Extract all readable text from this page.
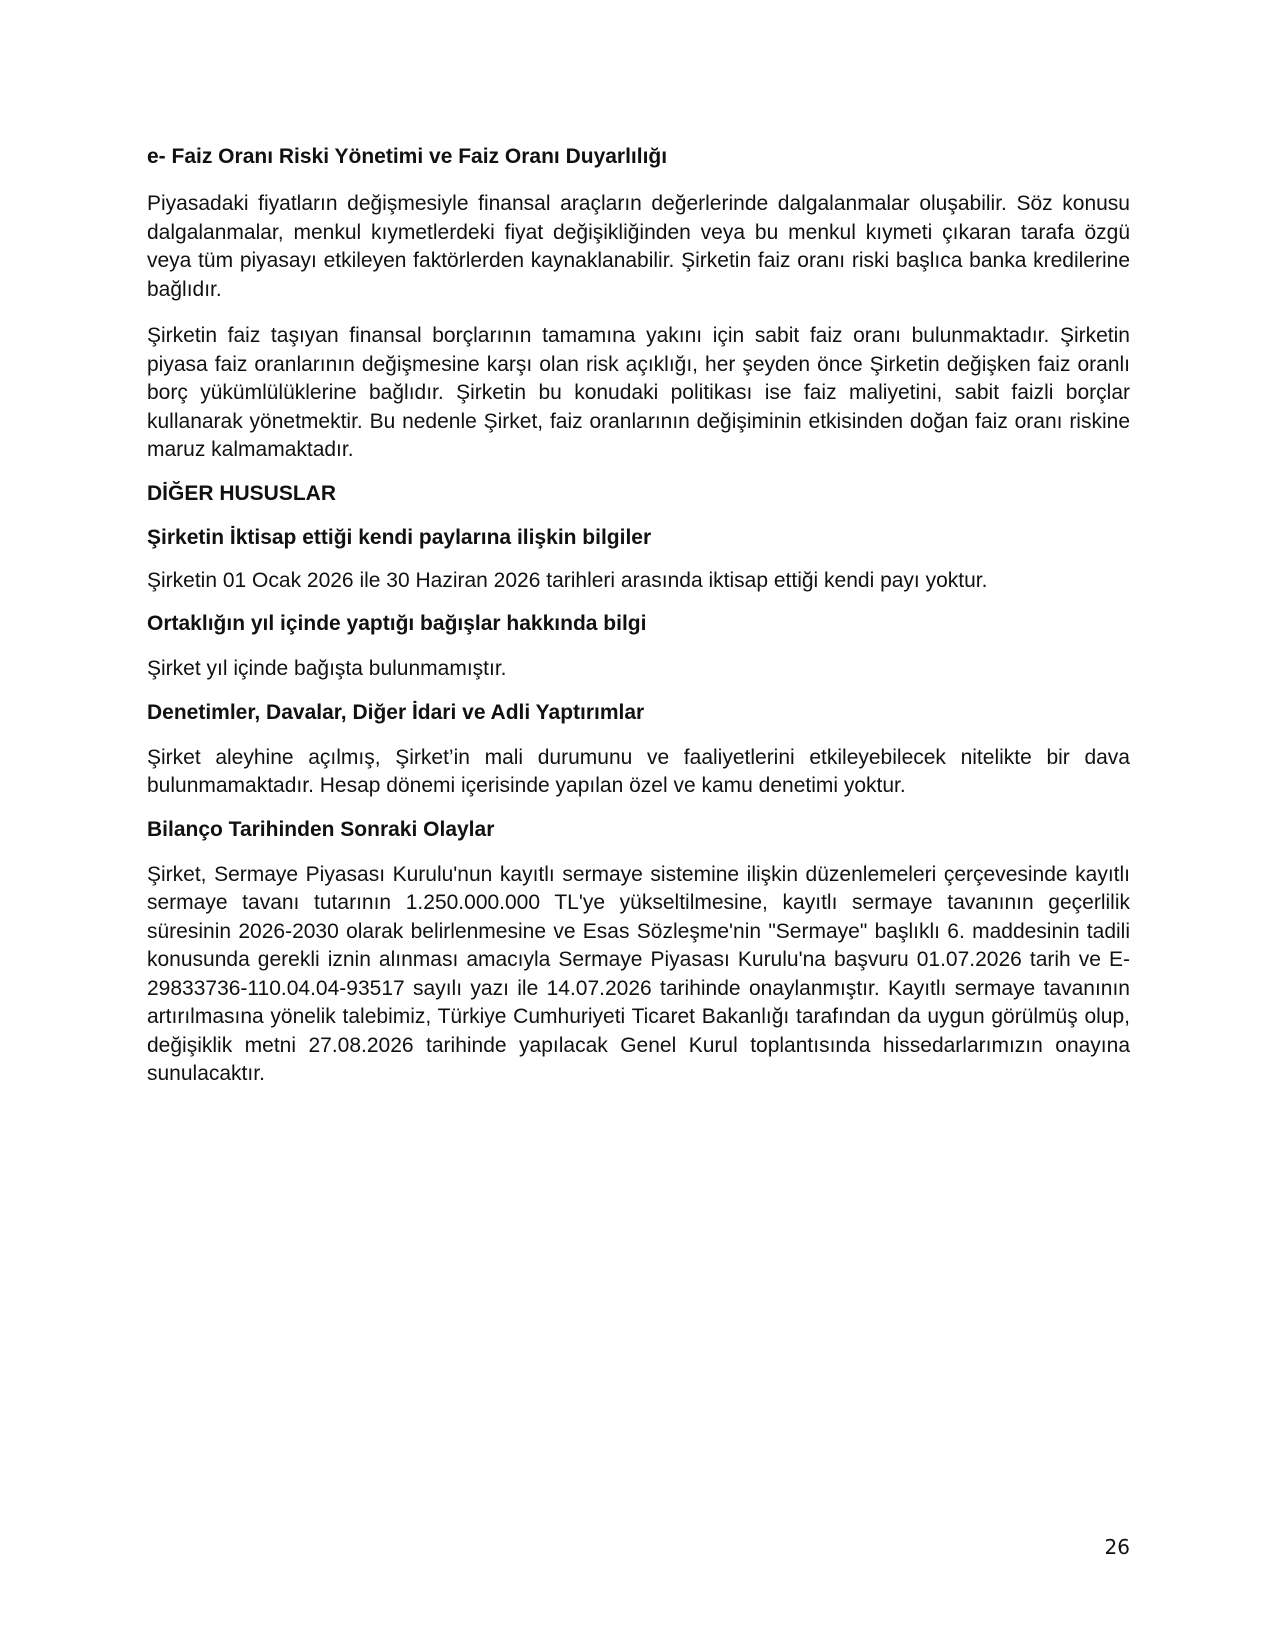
e- Faiz Oranı Riski Yönetimi ve Faiz Oranı Duyarlılığı

Piyasadaki fiyatların değişmesiyle finansal araçların değerlerinde dalgalanmalar oluşabilir. Söz konusu dalgalanmalar, menkul kıymetlerdeki fiyat değişikliğinden veya bu menkul kıymeti çıkaran tarafa özgü veya tüm piyasayı etkileyen faktörlerden kaynaklanabilir. Şirketin faiz oranı riski başlıca banka kredilerine bağlıdır.

Şirketin faiz taşıyan finansal borçlarının tamamına yakını için sabit faiz oranı bulunmaktadır. Şirketin piyasa faiz oranlarının değişmesine karşı olan risk açıklığı, her şeyden önce Şirketin değişken faiz oranlı borç yükümlülüklerine bağlıdır. Şirketin bu konudaki politikası ise faiz maliyetini, sabit faizli borçlar kullanarak yönetmektir. Bu nedenle Şirket, faiz oranlarının değişiminin etkisinden doğan faiz oranı riskine maruz kalmamaktadır.

DİĞER HUSUSLAR
Şirketin İktisap ettiği kendi paylarına ilişkin bilgiler

Şirketin 01 Ocak 2026 ile 30 Haziran 2026 tarihleri arasında iktisap ettiği kendi payı yoktur.

Ortaklığın yıl içinde yaptığı bağışlar hakkında bilgi

Şirket yıl içinde bağışta bulunmamıştır.

Denetimler, Davalar, Diğer İdari ve Adli Yaptırımlar

Şirket aleyhine açılmış, Şirket’in mali durumunu ve faaliyetlerini etkileyebilecek nitelikte bir dava bulunmamaktadır. Hesap dönemi içerisinde yapılan özel ve kamu denetimi yoktur.

Bilanço Tarihinden Sonraki Olaylar

Şirket, Sermaye Piyasası Kurulu'nun kayıtlı sermaye sistemine ilişkin düzenlemeleri çerçevesinde kayıtlı sermaye tavanı tutarının 1.250.000.000 TL'ye yükseltilmesine, kayıtlı sermaye tavanının geçerlilik süresinin 2026-2030 olarak belirlenmesine ve Esas Sözleşme'nin "Sermaye" başlıklı 6. maddesinin tadili konusunda gerekli iznin alınması amacıyla Sermaye Piyasası Kurulu'na başvuru 01.07.2026 tarih ve E-29833736-110.04.04-93517 sayılı yazı ile 14.07.2026 tarihinde onaylanmıştır. Kayıtlı sermaye tavanının artırılmasına yönelik talebimiz, Türkiye Cumhuriyeti Ticaret Bakanlığı tarafından da uygun görülmüş olup, değişiklik metni 27.08.2026 tarihinde yapılacak Genel Kurul toplantısında hissedarlarımızın onayına sunulacaktır.

26
